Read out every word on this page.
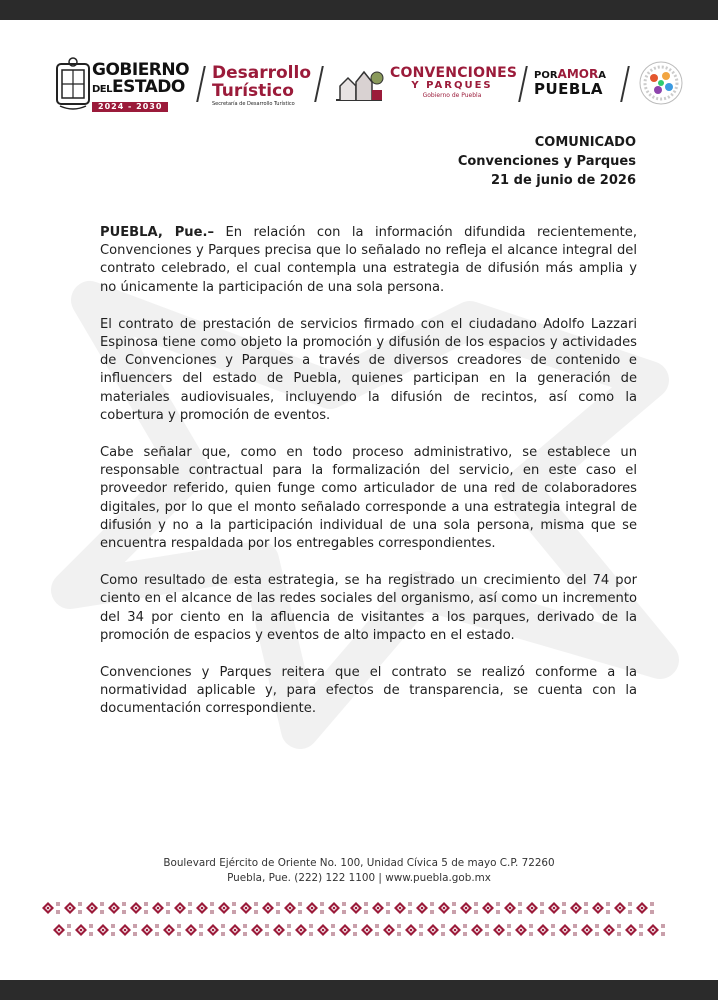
GOBIERNO
DELESTADO
2024 - 2030
Desarrollo
Turístico
Secretaría de Desarrollo Turístico
CONVENCIONES
Y PARQUES
Gobierno de Puebla
PORAMORA
PUEBLA
COMUNICADO
Convenciones y Parques
21 de junio de 2026

PUEBLA, Pue.– En relación con la información difundida recientemente, Convenciones y Parques precisa que lo señalado no refleja el alcance integral del contrato celebrado, el cual contempla una estrategia de difusión más amplia y no únicamente la participación de una sola persona.

El contrato de prestación de servicios firmado con el ciudadano Adolfo Lazzari Espinosa tiene como objeto la promoción y difusión de los espacios y actividades de Convenciones y Parques a través de diversos creadores de contenido e influencers del estado de Puebla, quienes participan en la generación de materiales audiovisuales, incluyendo la difusión de recintos, así como la cobertura y promoción de eventos.

Cabe señalar que, como en todo proceso administrativo, se establece un responsable contractual para la formalización del servicio, en este caso el proveedor referido, quien funge como articulador de una red de colaboradores digitales, por lo que el monto señalado corresponde a una estrategia integral de difusión y no a la participación individual de una sola persona, misma que se encuentra respaldada por los entregables correspondientes.

Como resultado de esta estrategia, se ha registrado un crecimiento del 74 por ciento en el alcance de las redes sociales del organismo, así como un incremento del 34 por ciento en la afluencia de visitantes a los parques, derivado de la promoción de espacios y eventos de alto impacto en el estado.

Convenciones y Parques reitera que el contrato se realizó conforme a la normatividad aplicable y, para efectos de transparencia, se cuenta con la documentación correspondiente.

Boulevard Ejército de Oriente No. 100, Unidad Cívica 5 de mayo C.P. 72260
Puebla, Pue. (222) 122 1100 | www.puebla.gob.mx
